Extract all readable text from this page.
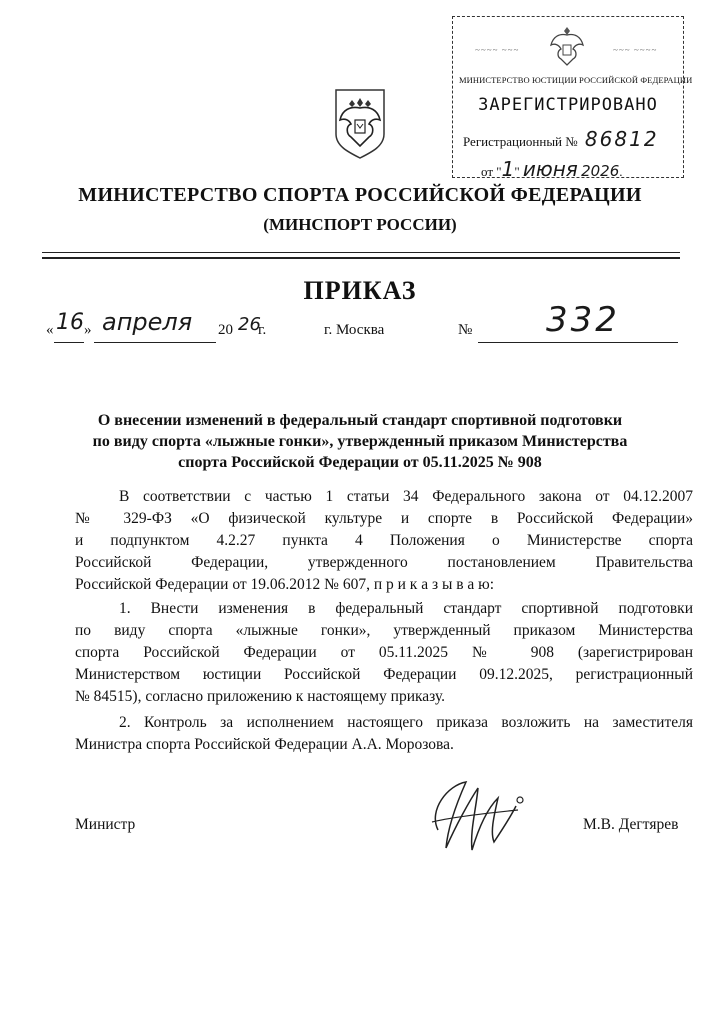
~~~~ ~~~	~~~ ~~~~
МИНИСТЕРСТВО ЮСТИЦИИ РОССИЙСКОЙ ФЕДЕРАЦИИ
ЗАРЕГИСТРИРОВАНО
Регистрационный № 86812
от "1" июня 2026.
МИНИСТЕРСТВО СПОРТА РОССИЙСКОЙ ФЕДЕРАЦИИ
(МИНСПОРТ РОССИИ)
ПРИКАЗ
« 16 » апреля 20 26
г.	г. Москва	№ 332
О внесении изменений в федеральный стандарт спортивной подготовки
по виду спорта «лыжные гонки», утвержденный приказом Министерства
спорта Российской Федерации от 05.11.2025 № 908
В соответствии с частью 1 статьи 34 Федерального закона от 04.12.2007
№ 329-ФЗ «О физической культуре и спорте в Российской Федерации»
и подпунктом 4.2.27 пункта 4 Положения о Министерстве спорта
Российской Федерации, утвержденного постановлением Правительства
Российской Федерации от 19.06.2012 № 607, п р и к а з ы в а ю:
1. Внести изменения в федеральный стандарт спортивной подготовки
по виду спорта «лыжные гонки», утвержденный приказом Министерства
спорта Российской Федерации от 05.11.2025 № 908 (зарегистрирован
Министерством юстиции Российской Федерации 09.12.2025, регистрационный
№ 84515), согласно приложению к настоящему приказу.
2. Контроль за исполнением настоящего приказа возложить на заместителя
Министра спорта Российской Федерации А.А. Морозова.
Министр	М.В. Дегтярев
